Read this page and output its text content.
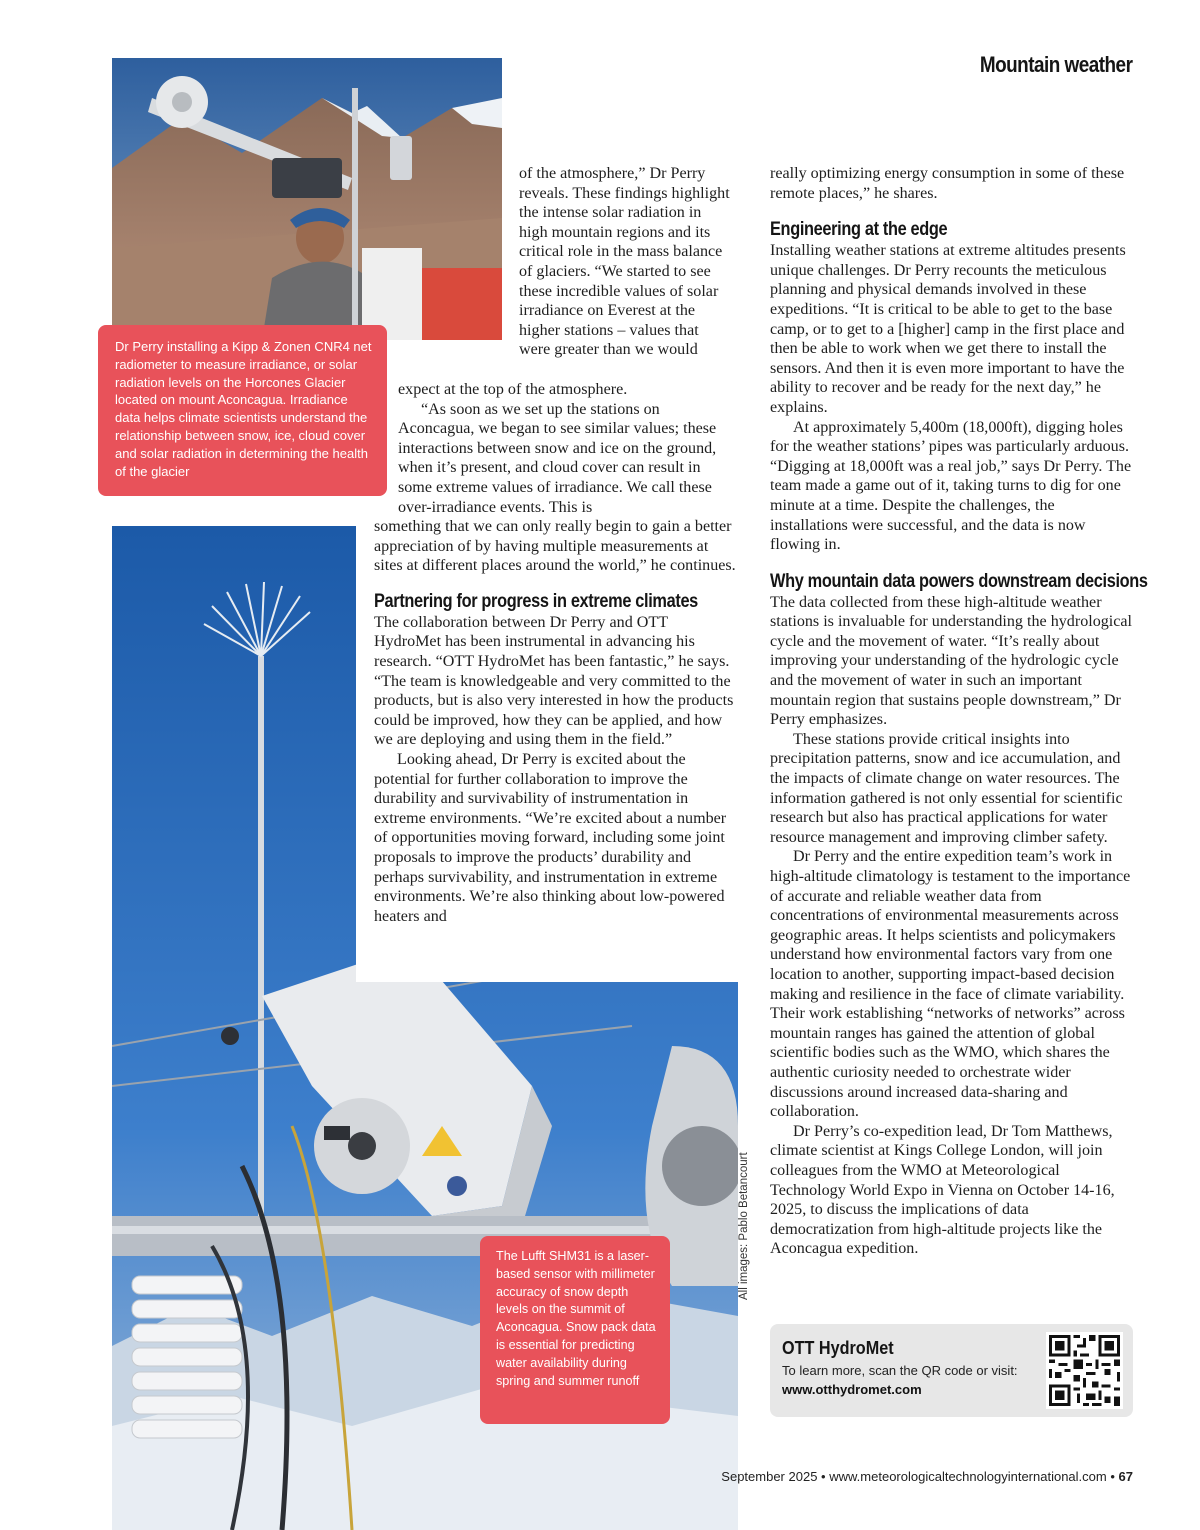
Mountain weather
Dr Perry installing a Kipp & Zonen CNR4 net radiometer to measure irradiance, or solar radiation levels on the Horcones Glacier located on mount Aconcagua. Irradiance data helps climate scientists understand the relationship between snow, ice, cloud cover and solar radiation in determining the health of the glacier
The Lufft SHM31 is a laser-based sensor with millimeter accuracy of snow depth levels on the summit of Aconcagua. Snow pack data is essential for predicting water availability during spring and summer runoff
All images: Pablo Betancourt

of the atmosphere,” Dr Perry reveals. These findings highlight the intense solar radiation in high mountain regions and its critical role in the mass balance of glaciers. “We started to see these incredible values of solar irradiance on Everest at the higher stations – values that were greater than we would

expect at the top of the atmosphere.

“As soon as we set up the stations on Aconcagua, we began to see similar values; these interactions between snow and ice on the ground, when it’s present, and cloud cover can result in some extreme values of irradiance. We call these over-irradiance events. This is

something that we can only really begin to gain a better appreciation of by having multiple measurements at sites at different places around the world,” he continues.

Partnering for progress in extreme climates

The collaboration between Dr Perry and OTT HydroMet has been instrumental in advancing his research. “OTT HydroMet has been fantastic,” he says. “The team is knowledgeable and very committed to the products, but is also very interested in how the products could be improved, how they can be applied, and how we are deploying and using them in the field.”

Looking ahead, Dr Perry is excited about the potential for further collaboration to improve the durability and survivability of instrumentation in extreme environments. “We’re excited about a number of opportunities moving forward, including some joint proposals to improve the products’ durability and perhaps survivability, and instrumentation in extreme environments. We’re also thinking about low-powered heaters and

really optimizing energy consumption in some of these remote places,” he shares.

Engineering at the edge

Installing weather stations at extreme altitudes presents unique challenges. Dr Perry recounts the meticulous planning and physical demands involved in these expeditions. “It is critical to be able to get to the base camp, or to get to a [higher] camp in the first place and then be able to work when we get there to install the sensors. And then it is even more important to have the ability to recover and be ready for the next day,” he explains.

At approximately 5,400m (18,000ft), digging holes for the weather stations’ pipes was particularly arduous. “Digging at 18,000ft was a real job,” says Dr Perry. The team made a game out of it, taking turns to dig for one minute at a time. Despite the challenges, the installations were successful, and the data is now flowing in.

Why mountain data powers downstream decisions

The data collected from these high-altitude weather stations is invaluable for understanding the hydrological cycle and the movement of water. “It’s really about improving your understanding of the hydrologic cycle and the movement of water in such an important mountain region that sustains people downstream,” Dr Perry emphasizes.

These stations provide critical insights into precipitation patterns, snow and ice accumulation, and the impacts of climate change on water resources. The information gathered is not only essential for scientific research but also has practical applications for water resource management and improving climber safety.

Dr Perry and the entire expedition team’s work in high-altitude climatology is testament to the importance of accurate and reliable weather data from concentrations of environmental measurements across geographic areas. It helps scientists and policymakers understand how environmental factors vary from one location to another, supporting impact-based decision making and resilience in the face of climate variability. Their work establishing “networks of networks” across mountain ranges has gained the attention of global scientific bodies such as the WMO, which shares the authentic curiosity needed to orchestrate wider discussions around increased data-sharing and collaboration.

Dr Perry’s co-expedition lead, Dr Tom Matthews, climate scientist at Kings College London, will join colleagues from the WMO at Meteorological Technology World Expo in Vienna on October 14-16, 2025, to discuss the implications of data democratization from high-altitude projects like the Aconcagua expedition.

OTT HydroMet
To learn more, scan the QR code or visit:
www.otthydromet.com
September 2025 • www.meteorologicaltechnologyinternational.com • 67
